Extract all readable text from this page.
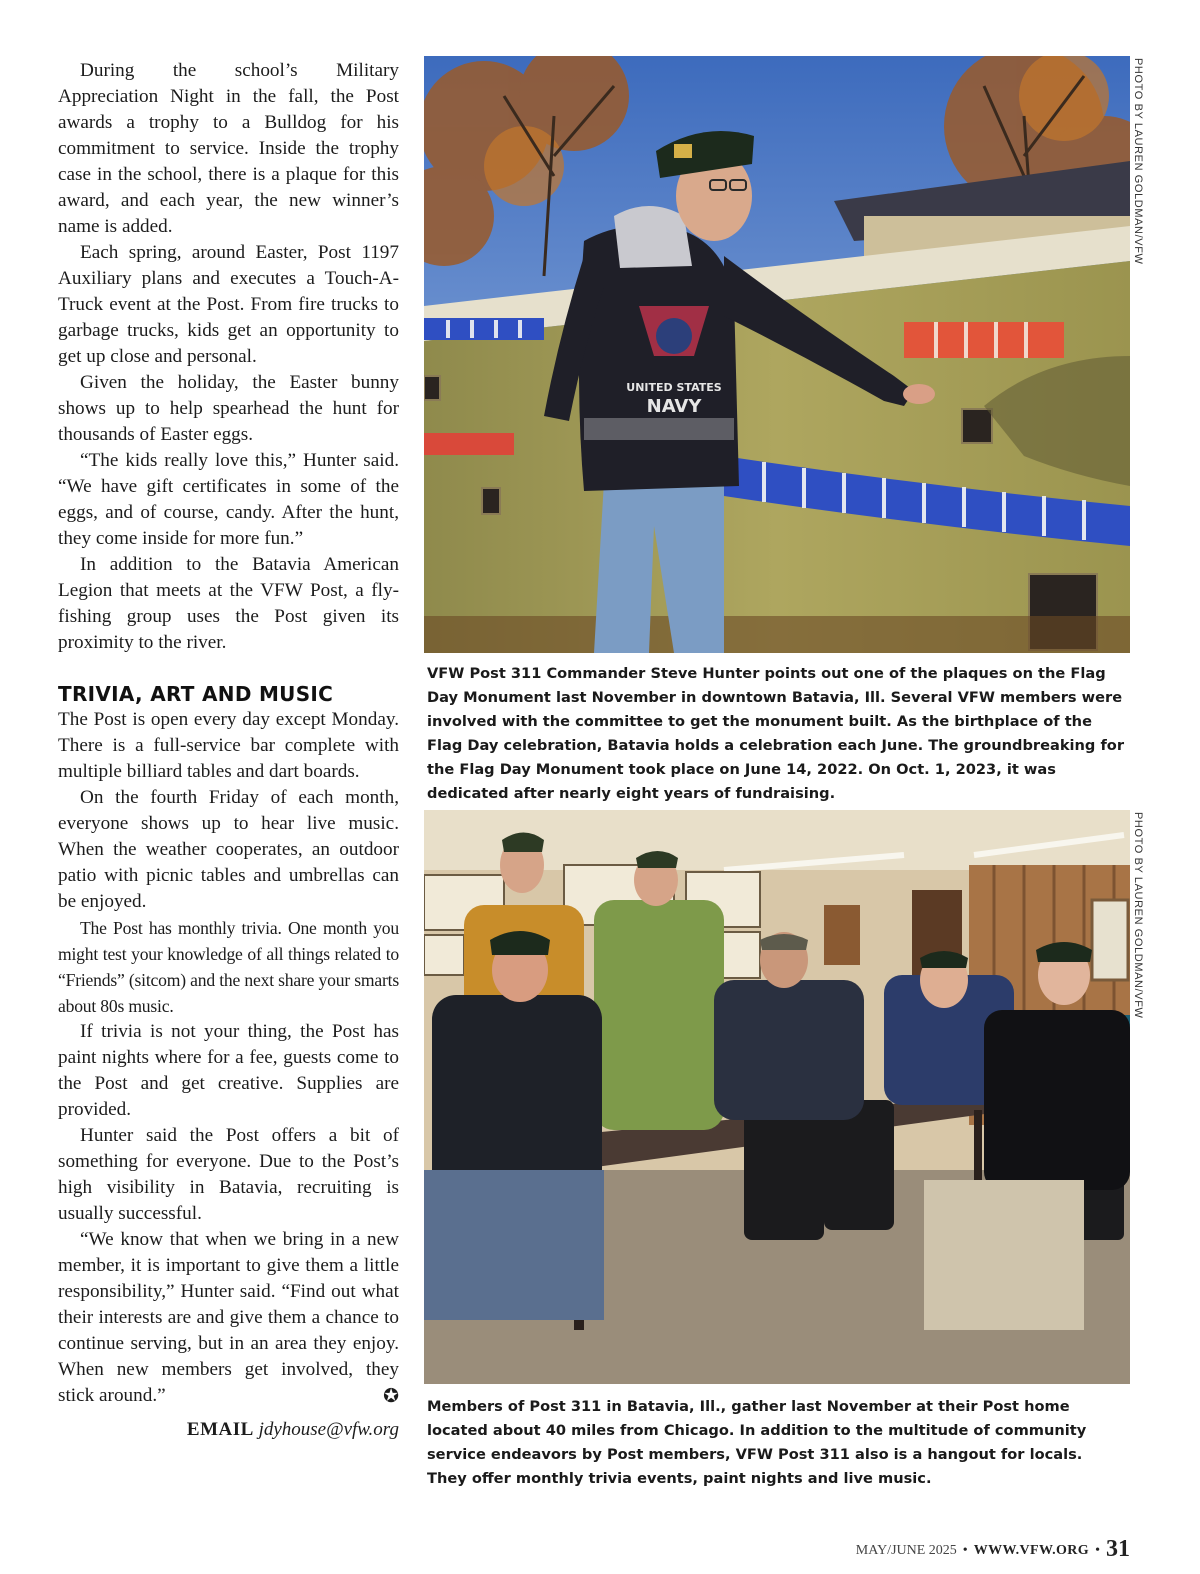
During the school’s Military Appreciation Night in the fall, the Post awards a trophy to a Bulldog for his commitment to service. Inside the trophy case in the school, there is a plaque for this award, and each year, the new winner’s name is added.

Each spring, around Easter, Post 1197 Auxiliary plans and executes a Touch-A-Truck event at the Post. From fire trucks to garbage trucks, kids get an opportunity to get up close and personal.

Given the holiday, the Easter bunny shows up to help spearhead the hunt for thousands of Easter eggs.

“The kids really love this,” Hunter said. “We have gift certificates in some of the eggs, and of course, candy. After the hunt, they come inside for more fun.”

In addition to the Batavia American Legion that meets at the VFW Post, a fly-fishing group uses the Post given its proximity to the river.

TRIVIA, ART AND MUSIC

The Post is open every day except Monday. There is a full-service bar complete with multiple billiard tables and dart boards.

On the fourth Friday of each month, everyone shows up to hear live music. When the weather cooperates, an outdoor patio with picnic tables and umbrellas can be enjoyed.

The Post has monthly trivia. One month you might test your knowledge of all things related to “Friends” (sitcom) and the next share your smarts about 80s music.

If trivia is not your thing, the Post has paint nights where for a fee, guests come to the Post and get creative. Supplies are provided.

Hunter said the Post offers a bit of something for everyone. Due to the Post’s high visibility in Batavia, recruiting is usually successful.

“We know that when we bring in a new member, it is important to give them a little responsibility,” Hunter said. “Find out what their interests are and give them a chance to continue serving, but in an area they enjoy. When new members get involved, they stick around.”	✪
EMAIL jdyhouse@vfw.org
UNITED STATES
NAVY
PHOTO BY LAUREN GOLDMAN/VFW

VFW Post 311 Commander Steve Hunter points out one of the plaques on the Flag Day Monument last November in downtown Batavia, Ill. Several VFW members were involved with the committee to get the monument built. As the birthplace of the Flag Day celebration, Batavia holds a celebration each June. The groundbreaking for the Flag Day Monument took place on June 14, 2022. On Oct. 1, 2023, it was dedicated after nearly eight years of fundraising.

PHOTO BY LAUREN GOLDMAN/VFW

Members of Post 311 in Batavia, Ill., gather last November at their Post home located about 40 miles from Chicago. In addition to the multitude of community service endeavors by Post members, VFW Post 311 also is a hangout for locals. They offer monthly trivia events, paint nights and live music.

MAY/JUNE 2025 • WWW.VFW.ORG • 31
